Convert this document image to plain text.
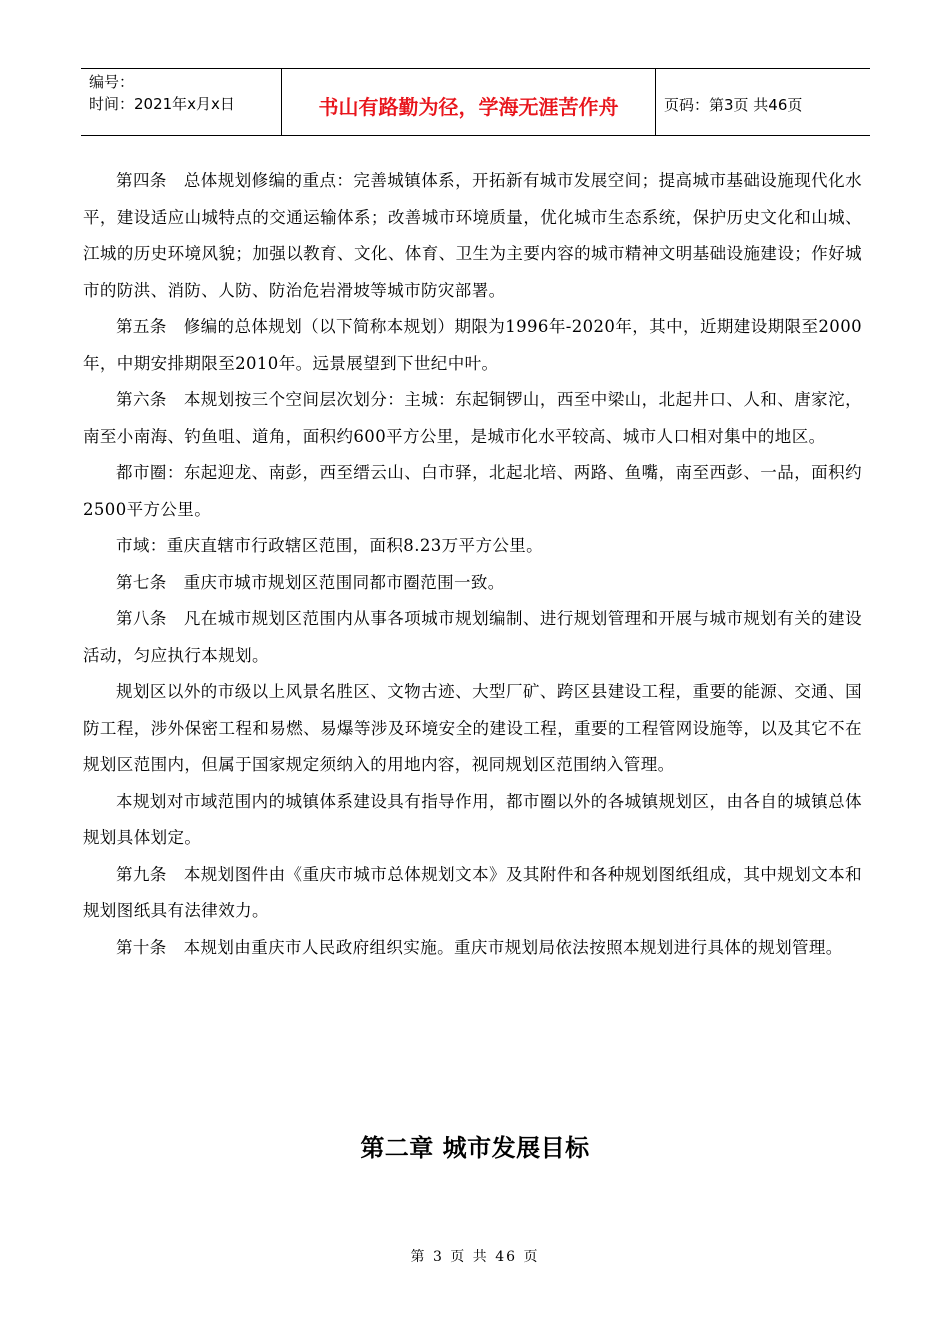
编号：
时间：2021年x月x日	书山有路勤为径，学海无涯苦作舟	页码：第3页 共46页

第四条　总体规划修编的重点：完善城镇体系，开拓新有城市发展空间；提高城市基础设施现代化水平，建设适应山城特点的交通运输体系；改善城市环境质量，优化城市生态系统，保护历史文化和山城、江城的历史环境风貌；加强以教育、文化、体育、卫生为主要内容的城市精神文明基础设施建设；作好城市的防洪、消防、人防、防治危岩滑坡等城市防灾部署。

第五条　修编的总体规划（以下简称本规划）期限为1996年-2020年，其中，近期建设期限至2000年，中期安排期限至2010年。远景展望到下世纪中叶。

第六条　本规划按三个空间层次划分：主城：东起铜锣山，西至中梁山，北起井口、人和、唐家沱，南至小南海、钓鱼咀、道角，面积约600平方公里，是城市化水平较高、城市人口相对集中的地区。

都市圈：东起迎龙、南彭，西至缙云山、白市驿，北起北培、两路、鱼嘴，南至西彭、一品，面积约2500平方公里。

市域：重庆直辖市行政辖区范围，面积8.23万平方公里。

第七条　重庆市城市规划区范围同都市圈范围一致。

第八条　凡在城市规划区范围内从事各项城市规划编制、进行规划管理和开展与城市规划有关的建设活动，匀应执行本规划。

规划区以外的市级以上风景名胜区、文物古迹、大型厂矿、跨区县建设工程，重要的能源、交通、国防工程，涉外保密工程和易燃、易爆等涉及环境安全的建设工程，重要的工程管网设施等，以及其它不在规划区范围内，但属于国家规定须纳入的用地内容，视同规划区范围纳入管理。

本规划对市域范围内的城镇体系建设具有指导作用，都市圈以外的各城镇规划区，由各自的城镇总体规划具体划定。

第九条　本规划图件由《重庆市城市总体规划文本》及其附件和各种规划图纸组成，其中规划文本和规划图纸具有法律效力。

第十条　本规划由重庆市人民政府组织实施。重庆市规划局依法按照本规划进行具体的规划管理。

第二章 城市发展目标
第 3 页 共 46 页
